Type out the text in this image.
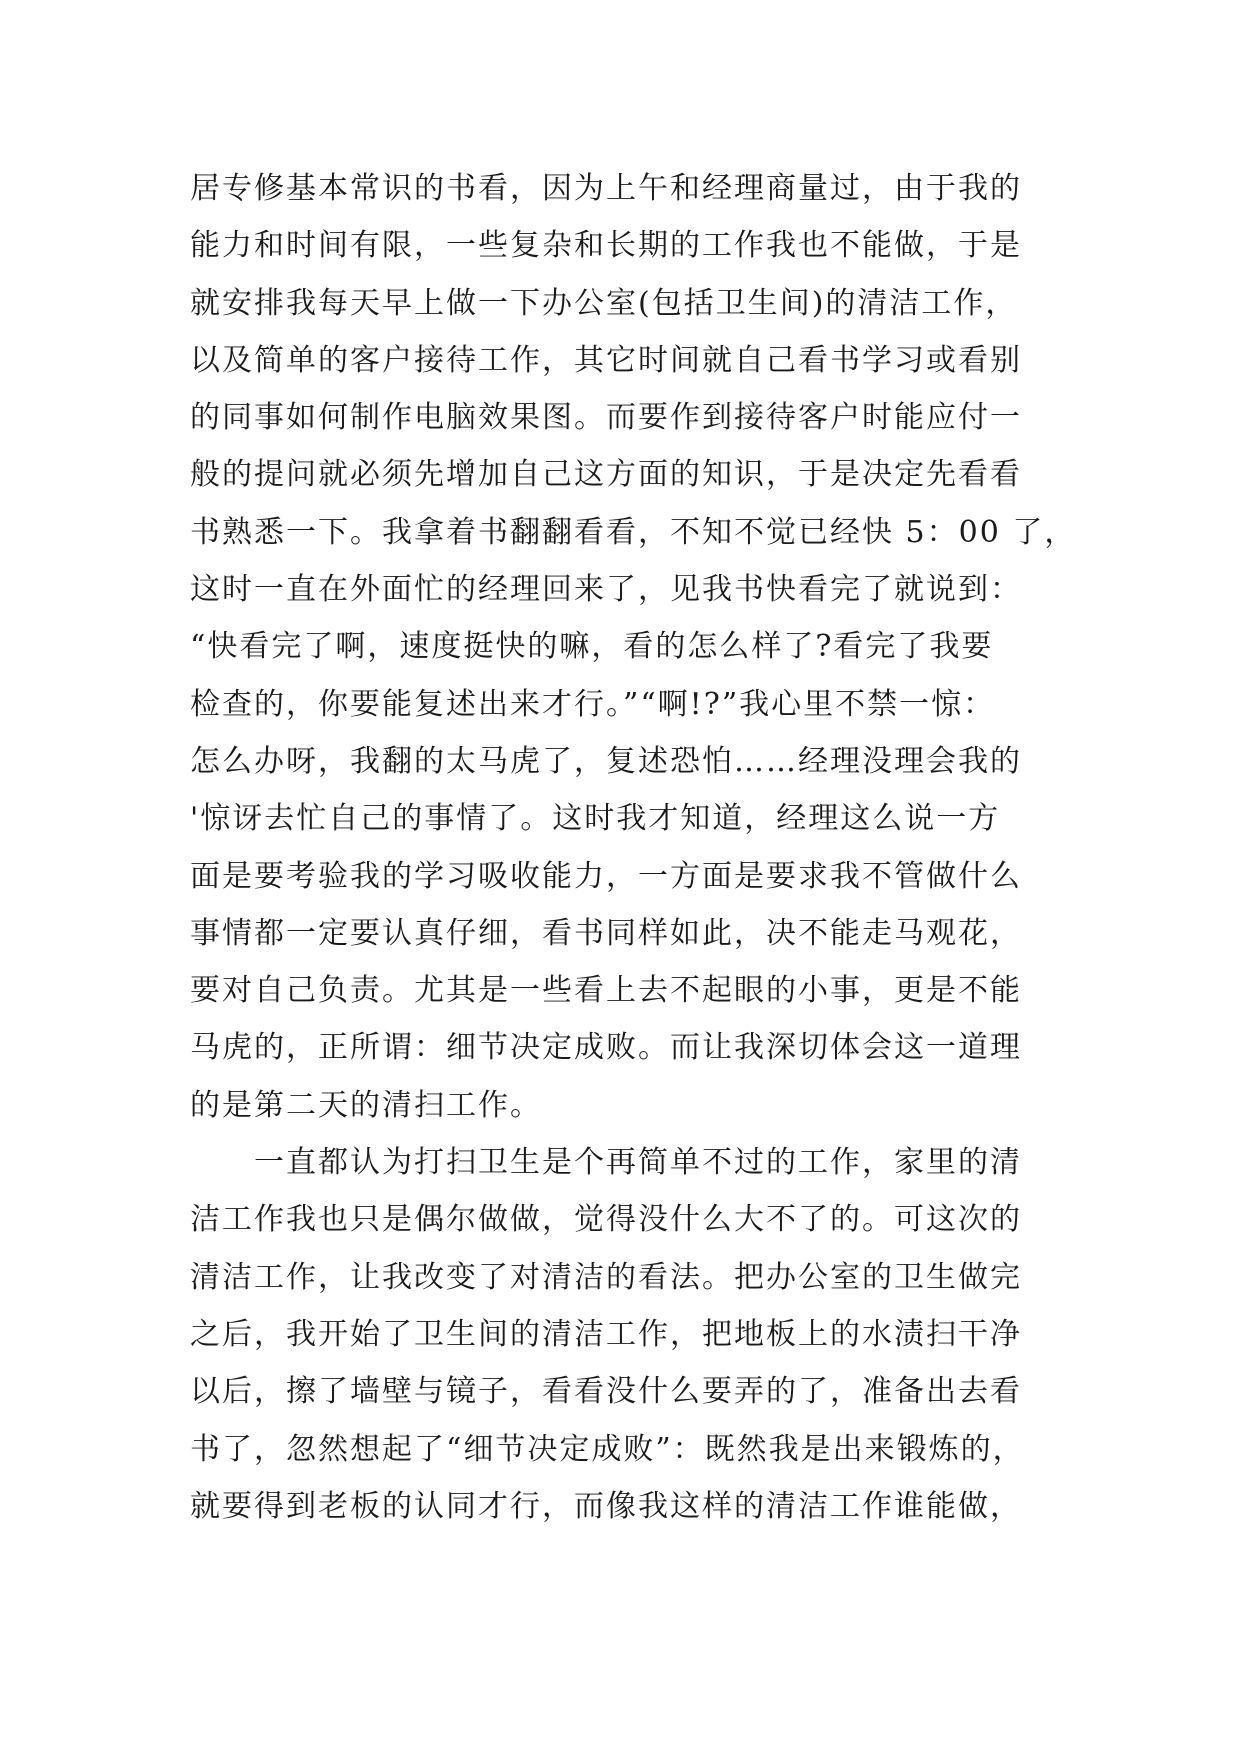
居专修基本常识的书看，因为上午和经理商量过，由于我的
能力和时间有限，一些复杂和长期的工作我也不能做，于是
就安排我每天早上做一下办公室(包括卫生间)的清洁工作，
以及简单的客户接待工作，其它时间就自己看书学习或看别
的同事如何制作电脑效果图。而要作到接待客户时能应付一
般的提问就必须先增加自己这方面的知识，于是决定先看看
书熟悉一下。我拿着书翻翻看看，不知不觉已经快 5：00 了，
这时一直在外面忙的经理回来了，见我书快看完了就说到：
“快看完了啊，速度挺快的嘛，看的怎么样了?看完了我要
检查的，你要能复述出来才行。”“啊!?”我心里不禁一惊：
怎么办呀，我翻的太马虎了，复述恐怕……经理没理会我的
'惊讶去忙自己的事情了。这时我才知道，经理这么说一方
面是要考验我的学习吸收能力，一方面是要求我不管做什么
事情都一定要认真仔细，看书同样如此，决不能走马观花，
要对自己负责。尤其是一些看上去不起眼的小事，更是不能
马虎的，正所谓：细节决定成败。而让我深切体会这一道理
的是第二天的清扫工作。
　　一直都认为打扫卫生是个再简单不过的工作，家里的清
洁工作我也只是偶尔做做，觉得没什么大不了的。可这次的
清洁工作，让我改变了对清洁的看法。把办公室的卫生做完
之后，我开始了卫生间的清洁工作，把地板上的水渍扫干净
以后，擦了墙壁与镜子，看看没什么要弄的了，准备出去看
书了，忽然想起了“细节决定成败”：既然我是出来锻炼的，
就要得到老板的认同才行，而像我这样的清洁工作谁能做，
